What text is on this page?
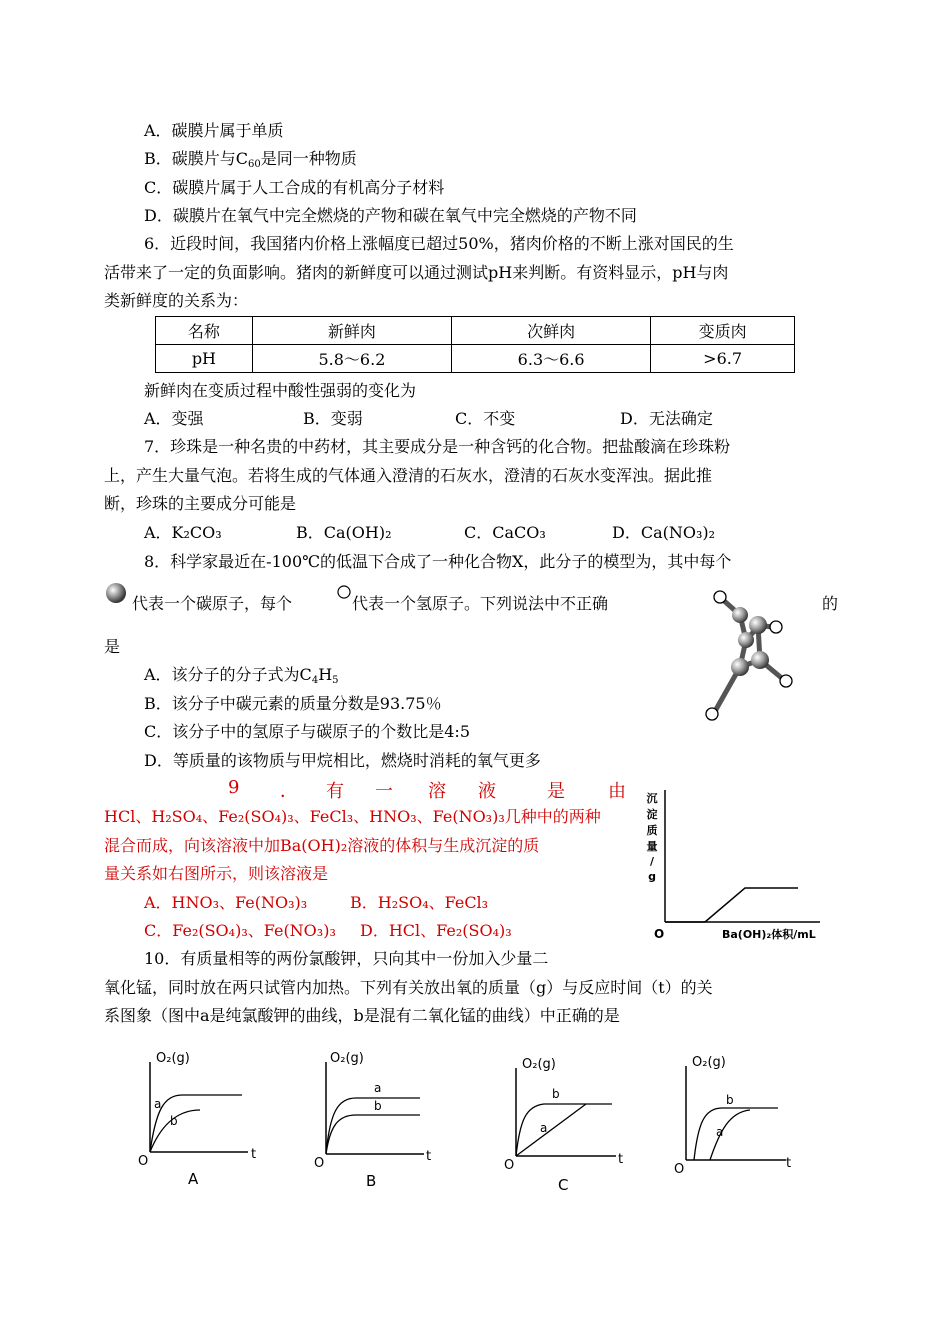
A．碳膜片属于单质
B．碳膜片与$C_{60}$是同一种物质
C．碳膜片属于人工合成的有机高分子材料
D．碳膜片在氧气中完全燃烧的产物和碳在氧气中完全燃烧的产物不同
6．近段时间，我国猪内价格上涨幅度已超过50%，猪肉价格的不断上涨对国民的生
活带来了一定的负面影响。猪肉的新鲜度可以通过测试pH来判断。有资料显示，pH与肉
类新鲜度的关系为：
名称	新鲜肉	次鲜肉	变质肉
pH	5.8～6.2	6.3～6.6	>6.7
新鲜肉在变质过程中酸性强弱的变化为
A．变强	B．变弱	C．不变	D．无法确定
7．珍珠是一种名贵的中药材，其主要成分是一种含钙的化合物。把盐酸滴在珍珠粉
上，产生大量气泡。若将生成的气体通入澄清的石灰水，澄清的石灰水变浑浊。据此推
断，珍珠的主要成分可能是
A．K₂CO₃	B．Ca(OH)₂	C．CaCO₃	D．Ca(NO₃)₂
8．科学家最近在-100℃的低温下合成了一种化合物X，此分子的模型为，其中每个
代表一个碳原子，每个	代表一个氢原子。下列说法中不正确	的
是
A．该分子的分子式为$C_4H_5$
B．该分子中碳元素的质量分数是93.75％
C．该分子中的氢原子与碳原子的个数比是4:5
D．等质量的该物质与甲烷相比，燃烧时消耗的氧气更多
9 ． 有 一 溶 液	是 由
HCl、H₂SO₄、Fe₂(SO₄)₃、FeCl₃、HNO₃、Fe(NO₃)₃几种中的两种
混合而成，向该溶液中加Ba(OH)₂溶液的体积与生成沉淀的质
量关系如右图所示，则该溶液是
A．HNO₃、Fe(NO₃)₃	B．H₂SO₄、FeCl₃
C．Fe₂(SO₄)₃、Fe(NO₃)₃ D．HCl、Fe₂(SO₄)₃
沉
淀
质
量
/
g
O	Ba(OH)₂体积/mL
10．有质量相等的两份氯酸钾，只向其中一份加入少量二
氧化锰，同时放在两只试管内加热。下列有关放出氧的质量（g）与反应时间（t）的关
系图象（图中a是纯氯酸钾的曲线，b是混有二氧化锰的曲线）中正确的是
O₂(g)
O	t
a
b
A
O₂(g)
O	t
a
b
B
O₂(g)
O	t
b
a
C
O₂(g)
O	t
b
a
